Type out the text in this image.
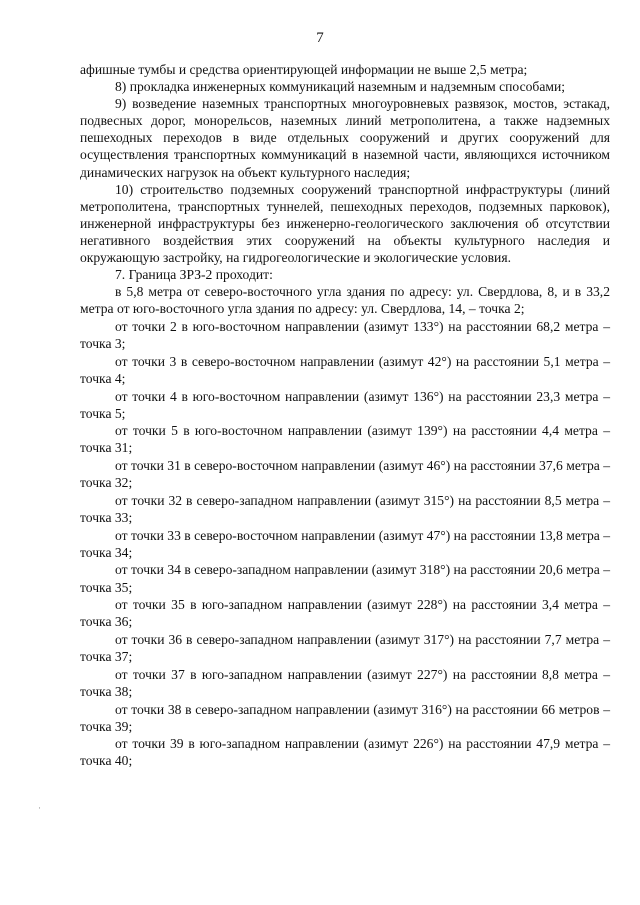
7

афишные тумбы и средства ориентирующей информации не выше 2,5 метра;

8) прокладка инженерных коммуникаций наземным и надземным способами;

9) возведение наземных транспортных многоуровневых развязок, мостов, эстакад, подвесных дорог, монорельсов, наземных линий метрополитена, а также надземных пешеходных переходов в виде отдельных сооружений и других сооружений для осуществления транспортных коммуникаций в наземной части, являющихся источником динамических нагрузок на объект культурного наследия;

10) строительство подземных сооружений транспортной инфраструктуры (линий метрополитена, транспортных туннелей, пешеходных переходов, подземных парковок), инженерной инфраструктуры без инженерно-геологического заключения об отсутствии негативного воздействия этих сооружений на объекты культурного наследия и окружающую застройку, на гидрогеологические и экологические условия.

7. Граница ЗРЗ-2 проходит:

в 5,8 метра от северо-восточного угла здания по адресу: ул. Свердлова, 8, и в 33,2 метра от юго-восточного угла здания по адресу: ул. Свердлова, 14, – точка 2;

от точки 2 в юго-восточном направлении (азимут 133°) на расстоянии 68,2 метра – точка 3;

от точки 3 в северо-восточном направлении (азимут 42°) на расстоянии 5,1 метра – точка 4;

от точки 4 в юго-восточном направлении (азимут 136°) на расстоянии 23,3 метра – точка 5;

от точки 5 в юго-восточном направлении (азимут 139°) на расстоянии 4,4 метра – точка 31;

от точки 31 в северо-восточном направлении (азимут 46°) на расстоянии 37,6 метра – точка 32;

от точки 32 в северо-западном направлении (азимут 315°) на расстоянии 8,5 метра – точка 33;

от точки 33 в северо-восточном направлении (азимут 47°) на расстоянии 13,8 метра – точка 34;

от точки 34 в северо-западном направлении (азимут 318°) на расстоянии 20,6 метра – точка 35;

от точки 35 в юго-западном направлении (азимут 228°) на расстоянии 3,4 метра – точка 36;

от точки 36 в северо-западном направлении (азимут 317°) на расстоянии 7,7 метра – точка 37;

от точки 37 в юго-западном направлении (азимут 227°) на расстоянии 8,8 метра – точка 38;

от точки 38 в северо-западном направлении (азимут 316°) на расстоянии 66 метров – точка 39;

от точки 39 в юго-западном направлении (азимут 226°) на расстоянии 47,9 метра – точка 40;

·
